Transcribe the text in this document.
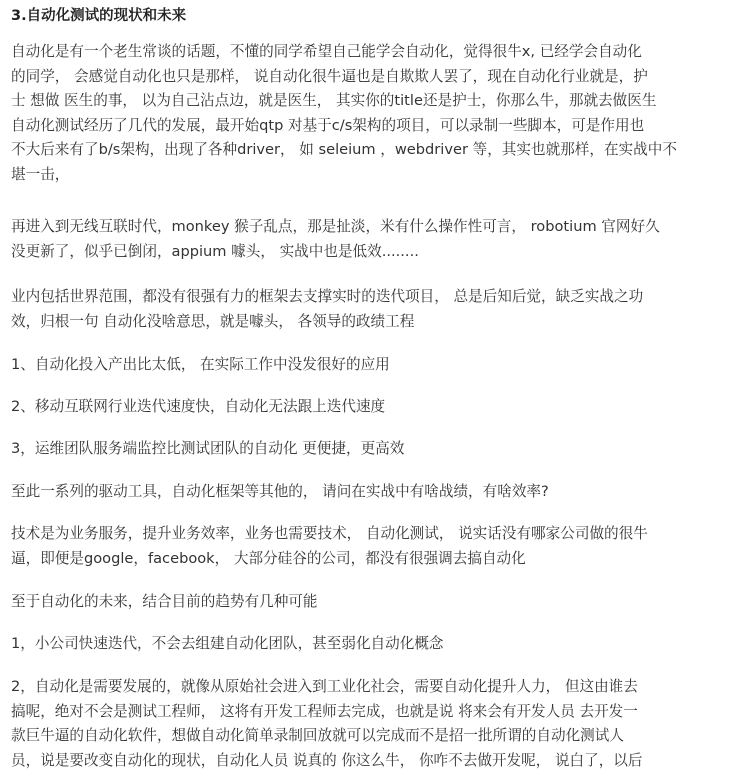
3.自动化测试的现状和未来

自动化是有一个老生常谈的话题，不懂的同学希望自己能学会自动化，觉得很牛x, 已经学会自动化
的同学， 会感觉自动化也只是那样， 说自动化很牛逼也是自欺欺人罢了，现在自动化行业就是，护
士 想做 医生的事， 以为自己沾点边，就是医生， 其实你的title还是护士，你那么牛，那就去做医生
自动化测试经历了几代的发展，最开始qtp 对基于c/s架构的项目，可以录制一些脚本，可是作用也
不大后来有了b/s架构，出现了各种driver， 如 seleium ，webdriver 等，其实也就那样，在实战中不
堪一击，

再进入到无线互联时代，monkey 猴子乱点，那是扯淡，米有什么操作性可言， robotium 官网好久
没更新了，似乎已倒闭，appium 噱头， 实战中也是低效........

业内包括世界范围，都没有很强有力的框架去支撑实时的迭代项目， 总是后知后觉，缺乏实战之功
效，归根一句 自动化没啥意思，就是噱头， 各领导的政绩工程

1、自动化投入产出比太低， 在实际工作中没发很好的应用

2、移动互联网行业迭代速度快，自动化无法跟上迭代速度

3，运维团队服务端监控比测试团队的自动化 更便捷，更高效

至此一系列的驱动工具，自动化框架等其他的， 请问在实战中有啥战绩，有啥效率?

技术是为业务服务，提升业务效率，业务也需要技术， 自动化测试， 说实话没有哪家公司做的很牛
逼，即便是google，facebook， 大部分硅谷的公司，都没有很强调去搞自动化

至于自动化的未来，结合目前的趋势有几种可能

1，小公司快速迭代，不会去组建自动化团队，甚至弱化自动化概念

2，自动化是需要发展的，就像从原始社会进入到工业化社会，需要自动化提升人力， 但这由谁去
搞呢，绝对不会是测试工程师， 这将有开发工程师去完成，也就是说 将来会有开发人员 去开发一
款巨牛逼的自动化软件，想做自动化简单录制回放就可以完成而不是招一批所谓的自动化测试人
员，说是要改变自动化的现状，自动化人员 说真的 你这么牛， 你咋不去做开发呢， 说白了，以后
